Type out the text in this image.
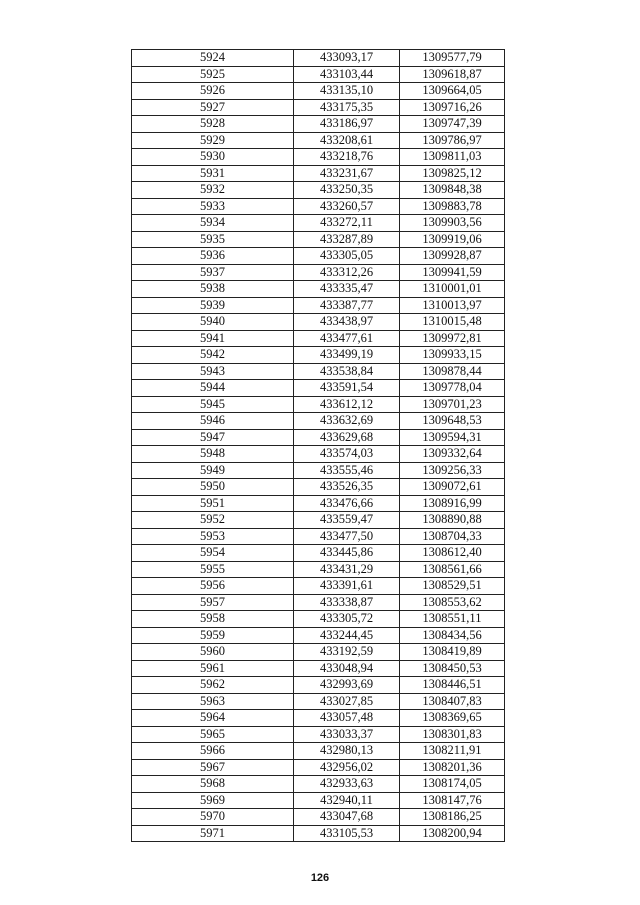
5924	433093,17	1309577,79
5925	433103,44	1309618,87
5926	433135,10	1309664,05
5927	433175,35	1309716,26
5928	433186,97	1309747,39
5929	433208,61	1309786,97
5930	433218,76	1309811,03
5931	433231,67	1309825,12
5932	433250,35	1309848,38
5933	433260,57	1309883,78
5934	433272,11	1309903,56
5935	433287,89	1309919,06
5936	433305,05	1309928,87
5937	433312,26	1309941,59
5938	433335,47	1310001,01
5939	433387,77	1310013,97
5940	433438,97	1310015,48
5941	433477,61	1309972,81
5942	433499,19	1309933,15
5943	433538,84	1309878,44
5944	433591,54	1309778,04
5945	433612,12	1309701,23
5946	433632,69	1309648,53
5947	433629,68	1309594,31
5948	433574,03	1309332,64
5949	433555,46	1309256,33
5950	433526,35	1309072,61
5951	433476,66	1308916,99
5952	433559,47	1308890,88
5953	433477,50	1308704,33
5954	433445,86	1308612,40
5955	433431,29	1308561,66
5956	433391,61	1308529,51
5957	433338,87	1308553,62
5958	433305,72	1308551,11
5959	433244,45	1308434,56
5960	433192,59	1308419,89
5961	433048,94	1308450,53
5962	432993,69	1308446,51
5963	433027,85	1308407,83
5964	433057,48	1308369,65
5965	433033,37	1308301,83
5966	432980,13	1308211,91
5967	432956,02	1308201,36
5968	432933,63	1308174,05
5969	432940,11	1308147,76
5970	433047,68	1308186,25
5971	433105,53	1308200,94
126
